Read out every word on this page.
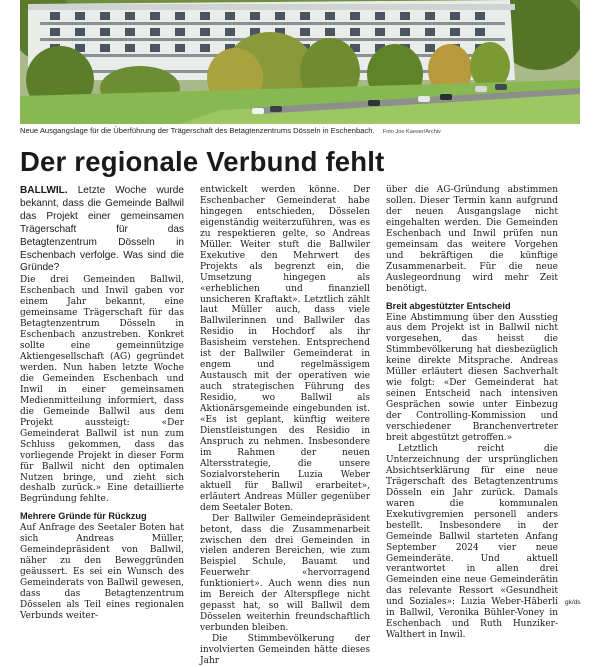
Neue Ausgangslage für die Überführung der Trägerschaft des Betagtenzentrums Dösseln in Eschenbach. Foto Joe Kaeser/Archiv
Der regionale Verbund fehlt

BALLWIL. Letzte Woche wurde bekannt, dass die Gemeinde Ballwil das Projekt einer gemeinsamen Trägerschaft für das Betagtenzentrum Dösseln in Eschenbach verfolge. Was sind die Gründe?

Die drei Gemeinden Ballwil, Eschenbach und Inwil gaben vor einem Jahr bekannt, eine gemeinsame Trägerschaft für das Betagtenzentrum Dösseln in Eschenbach anzustreben. Konkret sollte eine gemeinnützige Aktiengesellschaft (AG) gegründet werden. Nun haben letzte Woche die Gemeinden Eschenbach und Inwil in einer gemeinsamen Medienmitteilung informiert, dass die Gemeinde Ballwil aus dem Projekt aussteigt: «Der Gemeinderat Ballwil ist nun zum Schluss gekommen, dass das vorliegende Projekt in dieser Form für Ballwil nicht den optimalen Nutzen bringe, und zieht sich deshalb zurück.» Eine detaillierte Begründung fehlte.

Mehrere Gründe für Rückzug

Auf Anfrage des Seetaler Boten hat sich Andreas Müller, Gemeindepräsident von Ballwil, näher zu den Beweggründen geäussert. Es sei ein Wunsch des Gemeinderats von Ballwil gewesen, dass das Betagtenzentrum Dösselen als Teil eines regionalen Verbunds weiter-

entwickelt werden könne. Der Eschenbacher Gemeinderat habe hingegen entschieden, Dösselen eigenständig weiterzuführen, was es zu respektieren gelte, so Andreas Müller. Weiter stuft die Ballwiler Exekutive den Mehrwert des Projekts als begrenzt ein, die Umsetzung hingegen als «erheblichen und finanziell unsicheren Kraftakt». Letztlich zählt laut Müller auch, dass viele Ballwilerinnen und Ballwiler das Residio in Hochdorf als ihr Basisheim verstehen. Entsprechend ist der Ballwiler Gemeinderat in engem und regelmässigem Austausch mit der operativen wie auch strategischen Führung des Residio, wo Ballwil als Aktionärsgemeinde eingebunden ist. «Es ist geplant, künftig weitere Dienstleistungen des Residio in Anspruch zu nehmen. Insbesondere im Rahmen der neuen Altersstrategie, die unsere Sozialvorsteherin Luzia Weber aktuell für Ballwil erarbeitet», erläutert Andreas Müller gegenüber dem Seetaler Boten.

Der Ballwiler Gemeindepräsident betont, dass die Zusammenarbeit zwischen den drei Gemeinden in vielen anderen Bereichen, wie zum Beispiel Schule, Bauamt und Feuerwehr «hervorragend funktioniert». Auch wenn dies nun im Bereich der Alterspflege nicht gepasst hat, so will Ballwil dem Dösselen weiterhin freundschaftlich verbunden bleiben.

Die Stimmbevölkerung der involvierten Gemeinden hätte dieses Jahr

über die AG-Gründung abstimmen sollen. Dieser Termin kann aufgrund der neuen Ausgangslage nicht eingehalten werden. Die Gemeinden Eschenbach und Inwil prüfen nun gemeinsam das weitere Vorgehen und bekräftigen die künftige Zusammenarbeit. Für die neue Auslegeordnung wird mehr Zeit benötigt.

Breit abgestützter Entscheid

Eine Abstimmung über den Ausstieg aus dem Projekt ist in Ballwil nicht vorgesehen, das heisst die Stimmbevölkerung hat diesbezüglich keine direkte Mitsprache. Andreas Müller erläutert diesen Sachverhalt wie folgt: «Der Gemeinderat hat seinen Entscheid nach intensiven Gesprächen sowie unter Einbezug der Controlling-Kommission und verschiedener Branchenvertreter breit abgestützt getroffen.»

Letztlich reicht die Unterzeichnung der ursprünglichen Absichtserklärung für eine neue Trägerschaft des Betagtenzentrums Dösseln ein Jahr zurück. Damals waren die kommunalen Exekutivgremien personell anders bestellt. Insbesondere in der Gemeinde Ballwil starteten Anfang September 2024 vier neue Gemeinderäte. Und aktuell verantwortet in allen drei Gemeinden eine neue Gemeinderätin das relevante Ressort «Gesundheit und Soziales»: Luzia Weber-Häberli in Ballwil, Veronika Bühler-Voney in Eschenbach und Ruth Hunziker-Walthert in Inwil.

gk/ds
